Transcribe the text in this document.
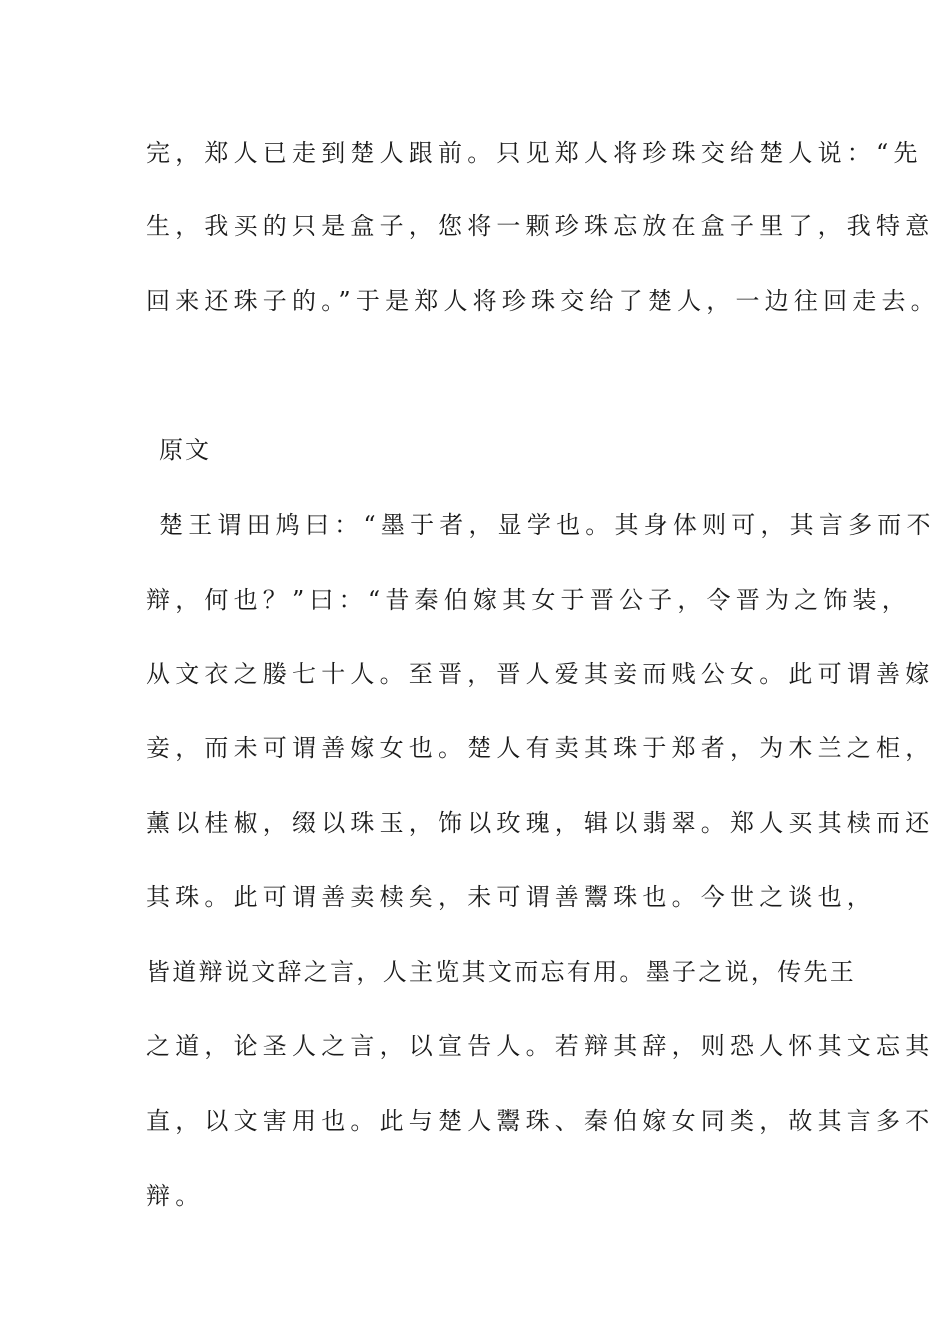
完，郑人已走到楚人跟前。只见郑人将珍珠交给楚人说：“先
生，我买的只是盒子，您将一颗珍珠忘放在盒子里了，我特意
回来还珠子的。”于是郑人将珍珠交给了楚人，一边往回走去。
原文
楚王谓田鸠曰：“墨于者，显学也。其身体则可，其言多而不
辩，何也？”曰：“昔秦伯嫁其女于晋公子，令晋为之饰装，
从文衣之媵七十人。至晋，晋人爱其妾而贱公女。此可谓善嫁
妾，而未可谓善嫁女也。楚人有卖其珠于郑者，为木兰之柜，
薰以桂椒，缀以珠玉，饰以玫瑰，辑以翡翠。郑人买其椟而还
其珠。此可谓善卖椟矣，未可谓善鬻珠也。今世之谈也，
皆道辩说文辞之言，人主览其文而忘有用。墨子之说，传先王
之道，论圣人之言，以宣告人。若辩其辞，则恐人怀其文忘其
直，以文害用也。此与楚人鬻珠、秦伯嫁女同类，故其言多不
辩。
